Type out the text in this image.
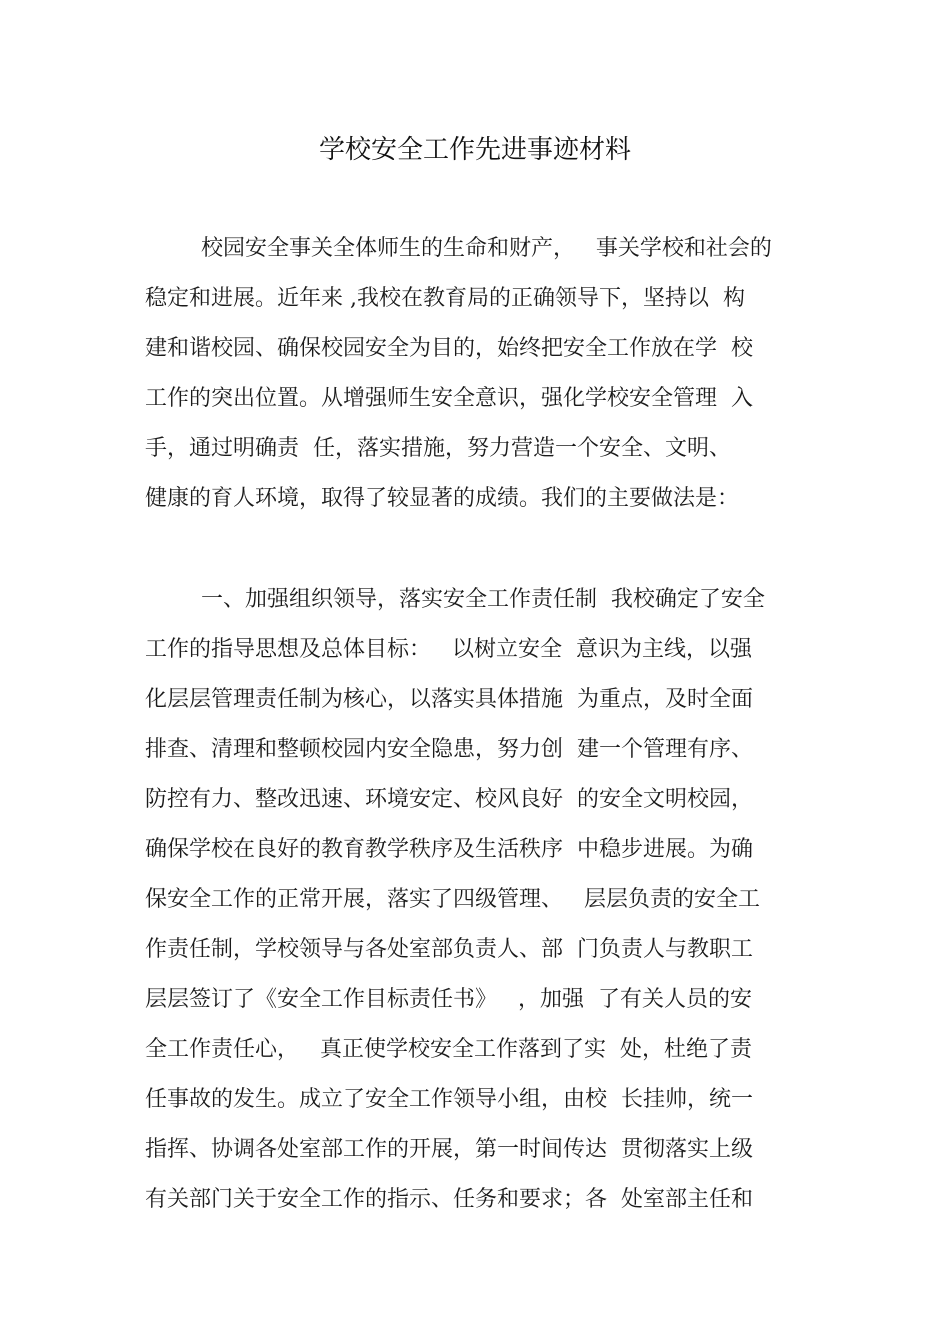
学校安全工作先进事迹材料
校园安全事关全体师生的生命和财产，   事关学校和社会的
稳定和进展。近年来 ,我校在教育局的正确领导下，坚持以  构
建和谐校园、确保校园安全为目的，始终把安全工作放在学  校
工作的突出位置。从增强师生安全意识，强化学校安全管理  入
手，通过明确责  任，落实措施，努力营造一个安全、文明、
健康的育人环境，取得了较显著的成绩。我们的主要做法是：
一、加强组织领导，落实安全工作责任制  我校确定了安全
工作的指导思想及总体目标：   以树立安全  意识为主线，以强
化层层管理责任制为核心，以落实具体措施  为重点，及时全面
排查、清理和整顿校园内安全隐患，努力创  建一个管理有序、
防控有力、整改迅速、环境安定、校风良好  的安全文明校园，
确保学校在良好的教育教学秩序及生活秩序  中稳步进展。为确
保安全工作的正常开展，落实了四级管理、   层层负责的安全工
作责任制，学校领导与各处室部负责人、部  门负责人与教职工
层层签订了《安全工作目标责任书》   ，加强  了有关人员的安
全工作责任心，   真正使学校安全工作落到了实  处，杜绝了责
任事故的发生。成立了安全工作领导小组，由校  长挂帅，统一
指挥、协调各处室部工作的开展，第一时间传达  贯彻落实上级
有关部门关于安全工作的指示、任务和要求；各  处室部主任和
